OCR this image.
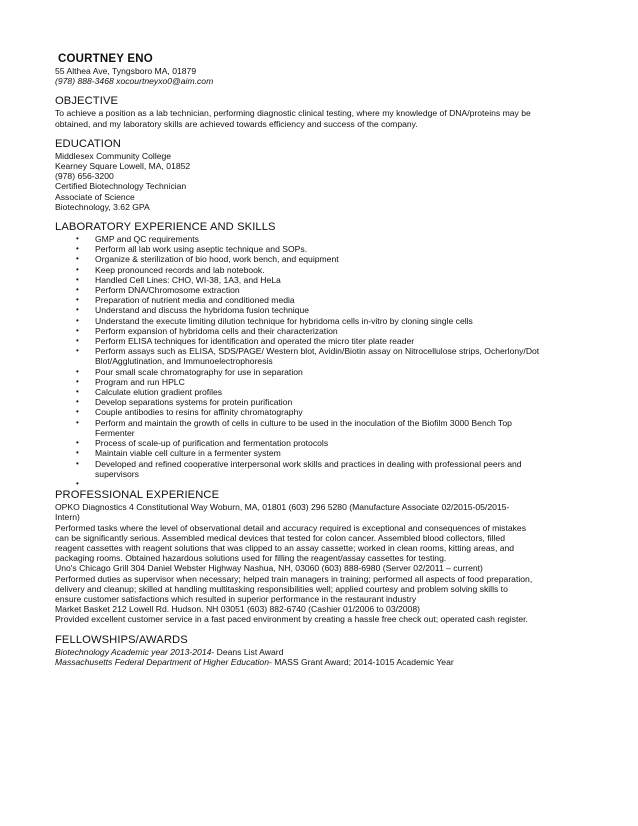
COURTNEY ENO
55 Althea Ave, Tyngsboro MA, 01879
(978) 888-3468 xocourtneyxo0@aim.com
OBJECTIVE
To achieve a position as a lab technician, performing diagnostic clinical testing, where my knowledge of DNA/proteins may be
obtained, and my laboratory skills are achieved towards efficiency and success of the company.
EDUCATION
Middlesex Community College
Kearney Square Lowell, MA, 01852
(978) 656-3200
Certified Biotechnology Technician
Associate of Science
Biotechnology, 3.62 GPA
LABORATORY EXPERIENCE AND SKILLS
• GMP and QC requirements
• Perform all lab work using aseptic technique and SOPs.
• Organize & sterilization of bio hood, work bench, and equipment
• Keep pronounced records and lab notebook.
• Handled Cell Lines: CHO, WI-38, 1A3, and HeLa
• Perform DNA/Chromosome extraction
• Preparation of nutrient media and conditioned media
• Understand and discuss the hybridoma fusion technique
• Understand the execute limiting dilution technique for hybridoma cells in-vitro by cloning single cells
• Perform expansion of hybridoma cells and their characterization
• Perform ELISA techniques for identification and operated the micro titer plate reader
• Perform assays such as ELISA, SDS/PAGE/ Western blot, Avidin/Biotin assay on Nitrocellulose strips, Ocherlony/Dot
Blot/Agglutination, and Immunoelectrophoresis
• Pour small scale chromatography for use in separation
• Program and run HPLC
• Calculate elution gradient profiles
• Develop separations systems for protein purification
• Couple antibodies to resins for affinity chromatography
• Perform and maintain the growth of cells in culture to be used in the inoculation of the Biofilm 3000 Bench Top
Fermenter
• Process of scale-up of purification and fermentation protocols
• Maintain viable cell culture in a fermenter system
• Developed and refined cooperative interpersonal work skills and practices in dealing with professional peers and
supervisors
•
PROFESSIONAL EXPERIENCE
OPKO Diagnostics 4 Constitutional Way Woburn, MA, 01801 (603) 296 5280 (Manufacture Associate 02/2015-05/2015-
Intern)
Performed tasks where the level of observational detail and accuracy required is exceptional and consequences of mistakes
can be significantly serious. Assembled medical devices that tested for colon cancer. Assembled blood collectors, filled
reagent cassettes with reagent solutions that was clipped to an assay cassette; worked in clean rooms, kitting areas, and
packaging rooms. Obtained hazardous solutions used for filling the reagent/assay cassettes for testing.
Uno's Chicago Grill 304 Daniel Webster Highway Nashua, NH, 03060 (603) 888-6980 (Server 02/2011 – current)
Performed duties as supervisor when necessary; helped train managers in training; performed all aspects of food preparation,
delivery and cleanup; skilled at handling multitasking responsibilities well; applied courtesy and problem solving skills to
ensure customer satisfactions which resulted in superior performance in the restaurant industry
Market Basket 212 Lowell Rd. Hudson. NH 03051 (603) 882-6740 (Cashier 01/2006 to 03/2008)
Provided excellent customer service in a fast paced environment by creating a hassle free check out; operated cash register.
FELLOWSHIPS/AWARDS
Biotechnology Academic year 2013-2014- Deans List Award
Massachusetts Federal Department of Higher Education- MASS Grant Award; 2014-1015 Academic Year
